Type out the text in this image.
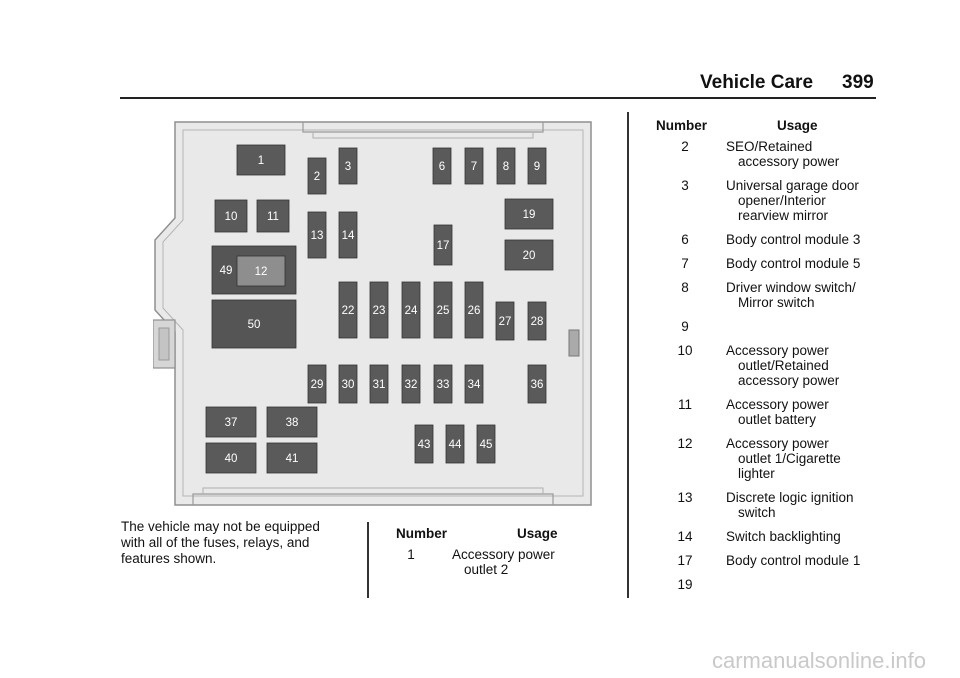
Vehicle Care	399
1
2
3	6 7 8 9
10	11
13 14
17
19
20
49 12
50
22 23 24 25 26
27 28
29 30 31 32 33 34	36
37	38
40	41
43 44 45
The vehicle may not be equipped with all of the fuses, relays, and features shown.
Number	Usage
1	Accessory power
outlet 2
Number	Usage
2	SEO/Retained
accessory power
3	Universal garage door
opener/Interior
rearview mirror
6	Body control module 3
7	Body control module 5
8	Driver window switch/
Mirror switch
9
10	Accessory power
outlet/Retained
accessory power
11	Accessory power
outlet battery
12	Accessory power
outlet 1/Cigarette
lighter
13	Discrete logic ignition
switch
14	Switch backlighting
17	Body control module 1
19
carmanualsonline.info
